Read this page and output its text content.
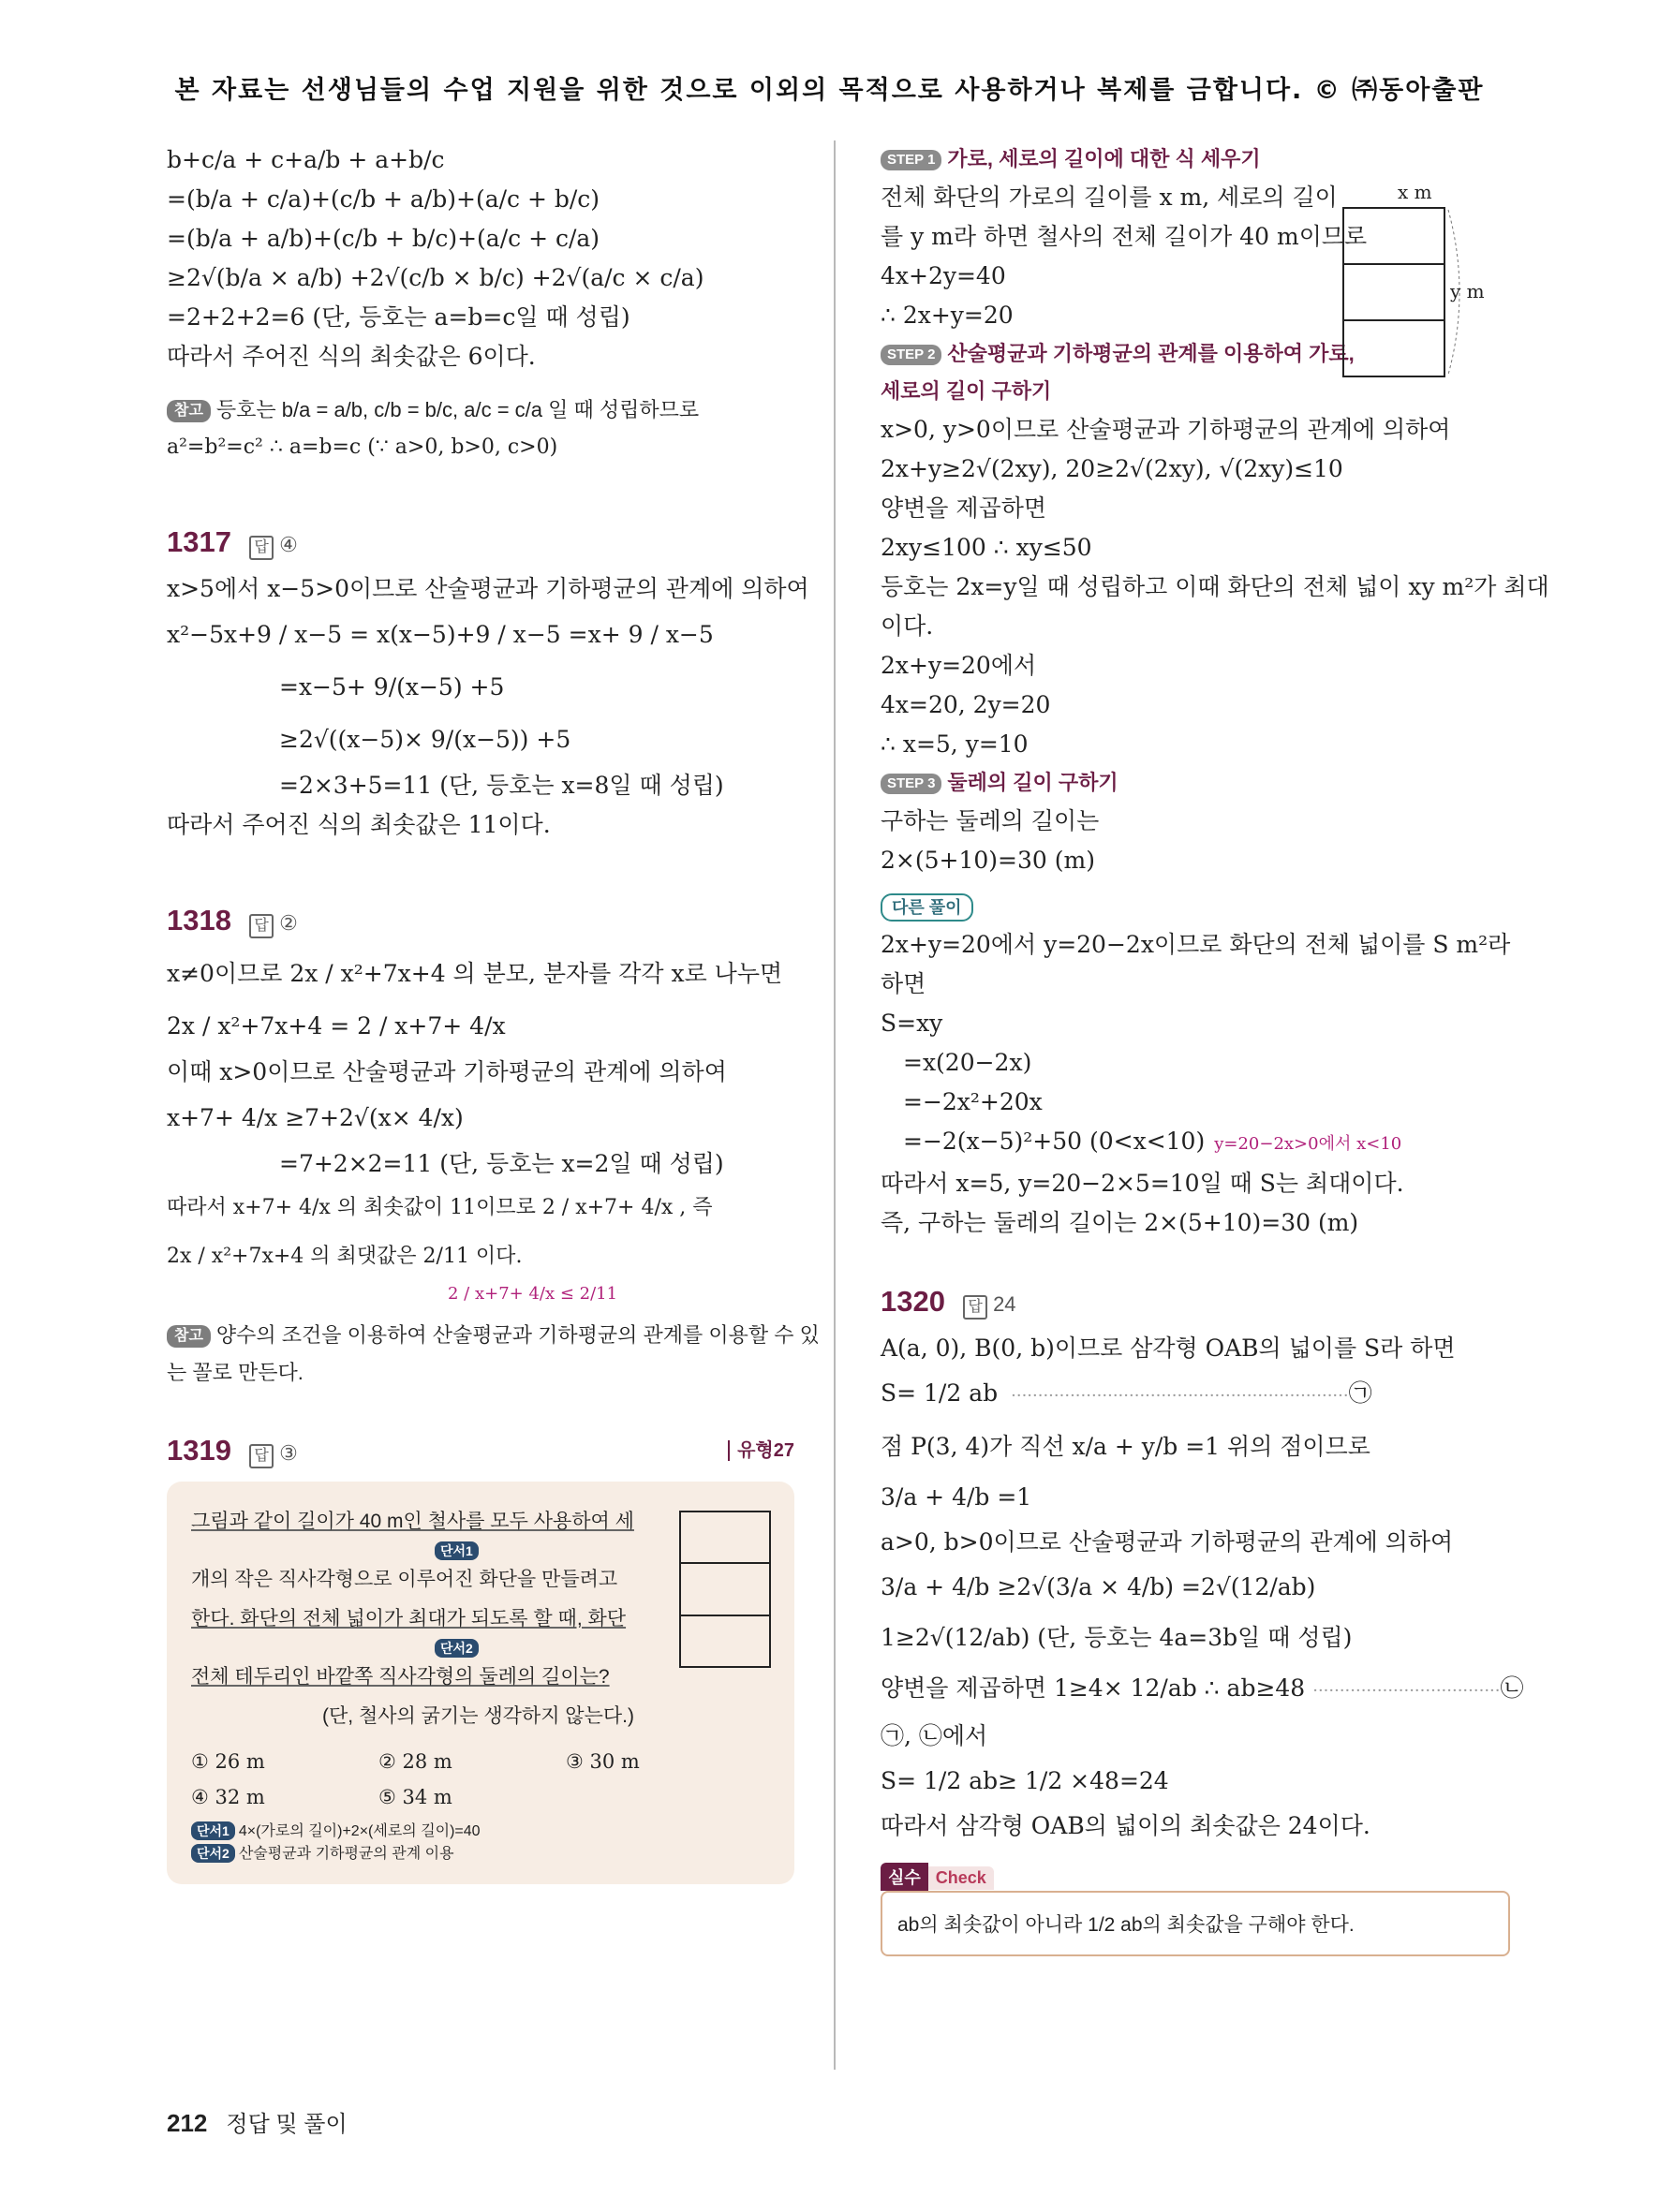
본 자료는 선생님들의 수업 지원을 위한 것으로 이외의 목적으로 사용하거나 복제를 금합니다. © ㈜동아출판
b+c/a + c+a/b + a+b/c
=(b/a + c/a)+(c/b + a/b)+(a/c + b/c)
=(b/a + a/b)+(c/b + b/c)+(a/c + c/a)
≥2√(b/a × a/b) +2√(c/b × b/c) +2√(a/c × c/a)
=2+2+2=6 (단, 등호는 a=b=c일 때 성립)
따라서 주어진 식의 최솟값은 6이다.
참고 등호는 b/a = a/b, c/b = b/c, a/c = c/a 일 때 성립하므로
a²=b²=c² ∴ a=b=c (∵ a>0, b>0, c>0)
1317 답 ④
x>5에서 x−5>0이므로 산술평균과 기하평균의 관계에 의하여
x²−5x+9 / x−5 = x(x−5)+9 / x−5 =x+ 9 / x−5
=x−5+ 9/(x−5) +5
≥2√((x−5)× 9/(x−5)) +5
=2×3+5=11 (단, 등호는 x=8일 때 성립)
따라서 주어진 식의 최솟값은 11이다.
1318 답 ②
x≠0이므로 2x / x²+7x+4 의 분모, 분자를 각각 x로 나누면
2x / x²+7x+4 = 2 / x+7+ 4/x
이때 x>0이므로 산술평균과 기하평균의 관계에 의하여
x+7+ 4/x ≥7+2√(x× 4/x)
=7+2×2=11 (단, 등호는 x=2일 때 성립)
따라서 x+7+ 4/x 의 최솟값이 11이므로 2 / x+7+ 4/x , 즉
2x / x²+7x+4 의 최댓값은 2/11 이다.
2 / x+7+ 4/x ≤ 2/11
참고 양수의 조건을 이용하여 산술평균과 기하평균의 관계를 이용할 수 있
는 꼴로 만든다.
1319 답 ③	유형27
그림과 같이 길이가 40 m인 철사를 모두 사용하여 세
단서1
개의 작은 직사각형으로 이루어진 화단을 만들려고
한다. 화단의 전체 넓이가 최대가 되도록 할 때, 화단
단서2
전체 테두리인 바깥쪽 직사각형의 둘레의 길이는?
(단, 철사의 굵기는 생각하지 않는다.)
① 26 m	② 28 m	③ 30 m
④ 32 m	⑤ 34 m
단서1 4×(가로의 길이)+2×(세로의 길이)=40
단서2 산술평균과 기하평균의 관계 이용
STEP 1 가로, 세로의 길이에 대한 식 세우기
x m
y m
전체 화단의 가로의 길이를 x m, 세로의 길이
를 y m라 하면 철사의 전체 길이가 40 m이므로
4x+2y=40
∴ 2x+y=20
STEP 2 산술평균과 기하평균의 관계를 이용하여 가로,
세로의 길이 구하기
x>0, y>0이므로 산술평균과 기하평균의 관계에 의하여
2x+y≥2√(2xy), 20≥2√(2xy), √(2xy)≤10
양변을 제곱하면
2xy≤100 ∴ xy≤50
등호는 2x=y일 때 성립하고 이때 화단의 전체 넓이 xy m²가 최대
이다.
2x+y=20에서
4x=20, 2y=20
∴ x=5, y=10
STEP 3 둘레의 길이 구하기
구하는 둘레의 길이는
2×(5+10)=30 (m)
다른 풀이
2x+y=20에서 y=20−2x이므로 화단의 전체 넓이를 S m²라
하면
S=xy
=x(20−2x)
=−2x²+20x
=−2(x−5)²+50 (0<x<10) y=20−2x>0에서 x<10
따라서 x=5, y=20−2×5=10일 때 S는 최대이다.
즉, 구하는 둘레의 길이는 2×(5+10)=30 (m)
1320 답 24
A(a, 0), B(0, b)이므로 삼각형 OAB의 넓이를 S라 하면
S= 1/2 ab ·······························································㉠
점 P(3, 4)가 직선 x/a + y/b =1 위의 점이므로
3/a + 4/b =1
a>0, b>0이므로 산술평균과 기하평균의 관계에 의하여
3/a + 4/b ≥2√(3/a × 4/b) =2√(12/ab)
1≥2√(12/ab) (단, 등호는 4a=3b일 때 성립)
양변을 제곱하면 1≥4× 12/ab ∴ ab≥48 ···································㉡
㉠, ㉡에서
S= 1/2 ab≥ 1/2 ×48=24
따라서 삼각형 OAB의 넓이의 최솟값은 24이다.
실수 Check
ab의 최솟값이 아니라 1/2 ab의 최솟값을 구해야 한다.
212 정답 및 풀이
